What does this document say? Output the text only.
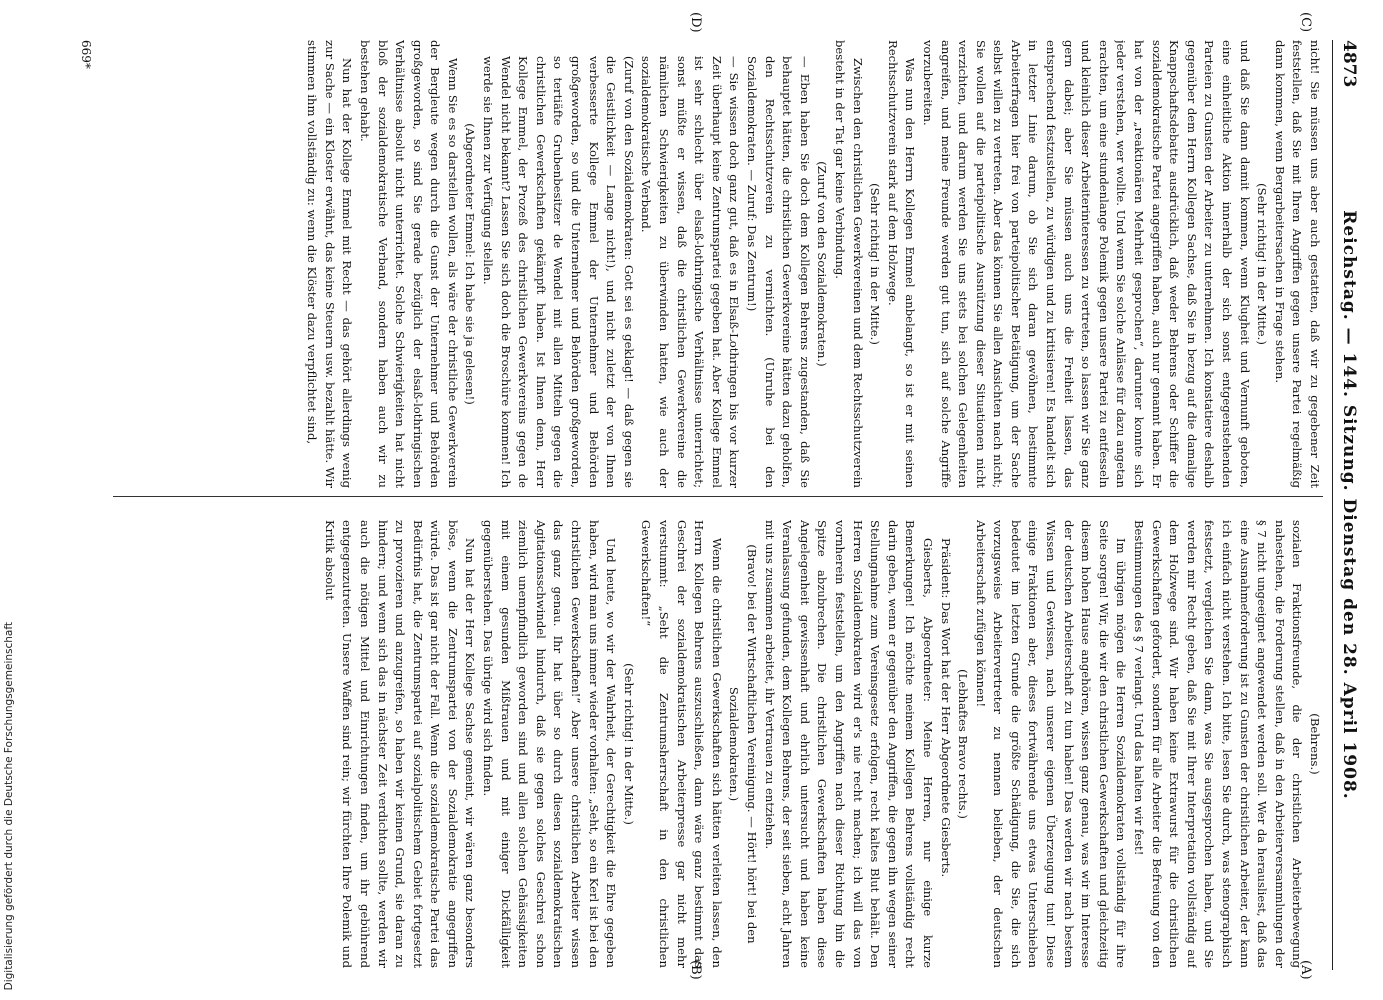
Reichstag. — 144. Sitzung. Dienstag den 28. April 1908.
4873
(C)
(D)
(A)
(B)

nicht! Sie müssen uns aber auch gestatten, daß wir zu gegebener Zeit feststellen, daß Sie mit Ihren Angriffen gegen unsere Partei regelmäßig dann kommen, wenn Bergarbeitersachen in Frage stehen.

(Sehr richtig! in der Mitte.)

und daß Sie dann damit kommen, wenn Klugheit und Vernunft geboten, eine einheitliche Aktion innerhalb der sich sonst entgegenstehenden Parteien zu Gunsten der Arbeiter zu unternehmen. Ich konstatiere deshalb gegenüber dem Herrn Kollegen Sachse, daß Sie in bezug auf die damalige Knappschaftsdebatte ausdrücklich, daß weder Behrens oder Schiffer die sozialdemokratische Partei angegriffen haben, auch nur genannt haben. Er hat von der „reaktionären Mehrheit gesprochen“, darunter konnte sich jeder verstehen, wer wollte. Und wenn Sie solche Anlässe für dazu angetan erachten, um eine stundenlange Polemik gegen unsere Partei zu entfesseln und kleinlich dieser Arbeiterinteressen zu vertreten, so lassen wir Sie ganz gern dabei; aber Sie müssen auch uns die Freiheit lassen, das entsprechend festzustellen, zu würdigen und zu kritisieren! Es handelt sich in letzter Linie darum, ob Sie sich daran gewöhnen, bestimmte Arbeiterfragen hier frei von parteipolitischer Betätigung, um der Sache selbst willen zu vertreten. Aber das können Sie allen Ansichten nach nicht; Sie wollen auf die parteipolitische Ausnützung dieser Situationen nicht verzichten, und darum werden Sie uns stets bei solchen Gelegenheiten angreifen, und meine Freunde werden gut tun, sich auf solche Angriffe vorzubereiten.

Was nun den Herrn Kollegen Emmel anbelangt, so ist er mit seinen Rechtsschutzverein stark auf dem Holzwege.

(Sehr richtig! in der Mitte.)

Zwischen den christlichen Gewerkvereinen und dem Rechtsschutzverein besteht in der Tat gar keine Verbindung.

(Zuruf von den Sozialdemokraten.)

— Eben haben Sie doch dem Kollegen Behrens zugestanden, daß Sie behauptet hätten, die christlichen Gewerkvereine hätten dazu geholfen, den Rechtsschutzverein zu vernichten. (Unruhe bei den Sozialdemokraten. — Zuruf: Das Zentrum!)

— Sie wissen doch ganz gut, daß es in Elsaß-Lothringen bis vor kurzer Zeit überhaupt keine Zentrumspartei gegeben hat. Aber Kollege Emmel ist sehr schlecht über elsaß-lothringische Verhältnisse unterrichtet; sonst müßte er wissen, daß die christlichen Gewerkvereine die nämlichen Schwierigkeiten zu überwinden hatten, wie auch der sozialdemokratische Verband.

(Zuruf von den Sozialdemokraten: Gott sei es geklagt! — daß gegen sie die Geistlichkeit — Lange nicht!), und nicht zuletzt der von Ihnen verbesserte Kollege Emmel der Unternehmer und Behörden großgeworden, so und die Unternehmer und Behörden großgeworden, so tertiäfte Grubenbesitzer de Wendel mit allen Mitteln gegen die christlichen Gewerkschaften gekämpft haben. Ist Ihnen denn, Herr Kollege Emmel, der Prozeß des christlichen Gewerkvereins gegen de Wendel nicht bekannt? Lassen Sie sich doch die Broschüre kommen! Ich werde sie Ihnen zur Verfügung stellen.

(Abgeordneter Emmel: Ich habe sie ja gelesen!)

Wenn Sie es so darstellen wollen, als wäre der christliche Gewerkverein der Bergleute wegen durch die Gunst der Unternehmer und Behörden großgeworden, so sind Sie gerade bezüglich der elsaß-lothringischen Verhältnisse absolut nicht unterrichtet. Solche Schwierigkeiten hat nicht bloß der sozialdemokratische Verband, sondern haben auch wir zu bestehen gehabt.

Nun hat der Kollege Emmel mit Recht — das gehört allerdings wenig zur Sache — ein Kloster erwähnt, das keine Steuern usw. bezahlt hätte. Wir stimmen ihm vollständig zu: wenn die Klöster dazu verpflichtet sind,

(Behrens.)

sozialen Fraktionsfreunde, die der christlichen Arbeiterbewegung nahestehen, die Forderung stellen, daß in den Arbeiterversammlungen der § 7 nicht ungeeignet angewendet werden soll. Wer da herausliest, daß das eine Ausnahmeforderung ist zu Gunsten der christlichen Arbeiter, der kann ich einfach nicht verstehen. Ich bitte, lesen Sie durch, was stenographisch festsetzt, vergleichen Sie dann, was Sie ausgesprochen haben, und Sie werden mir Recht geben, daß Sie mit Ihrer Interpretation vollständig auf dem Holzwege sind. Wir haben keine Extrawurst für die christlichen Gewerkschaften gefordert, sondern für alle Arbeiter die Befreiung von den Bestimmungen des § 7 verlangt. Und das halten wir fest!

Im übrigen mögen die Herren Sozialdemokraten vollständig für ihre Seite sorgen! Wir, die wir den christlichen Gewerkschaften und gleichzeitig diesem hohen Hause angehören, wissen ganz genau, was wir im Interesse der deutschen Arbeiterschaft zu tun haben! Das werden wir nach bestem Wissen und Gewissen, nach unserer eigenen Überzeugung tun! Diese einige Fraktionen aber, dieses fortwährende uns etwas Unterschieben bedeutet im letzten Grunde die größte Schädigung, die Sie, die sich vorzugsweise Arbeitervertreter zu nennen belieben, der deutschen Arbeiterschaft zufügen können!

(Lebhaftes Bravo rechts.)

Präsident: Das Wort hat der Herr Abgeordnete Giesberts.

Giesberts, Abgeordneter: Meine Herren, nur einige kurze Bemerkungen! Ich möchte meinem Kollegen Behrens vollständig recht darin geben, wenn er gegenüber den Angriffen, die gegen ihn wegen seiner Stellungnahme zum Vereinsgesetz erfolgen, recht kaltes Blut behält. Den Herren Sozialdemokraten wird er's nie recht machen; ich will das von vornherein feststellen, um den Angriffen nach dieser Richtung hin die Spitze abzubrechen. Die christlichen Gewerkschaften haben diese Angelegenheit gewissenhaft und ehrlich untersucht und haben keine Veranlassung gefunden, dem Kollegen Behrens, der seit sieben, acht Jahren mit uns zusammen arbeitet, ihr Vertrauen zu entziehen.

(Bravo! bei der Wirtschaftlichen Vereinigung. — Hört! hört! bei den Sozialdemokraten.)

Wenn die christlichen Gewerkschaften sich hätten verleiten lassen, den Herrn Kollegen Behrens auszuschließen, dann wäre ganz bestimmt das Geschrei der sozialdemokratischen Arbeiterpresse gar nicht mehr verstummt: „Seht die Zentrumsherrschaft in den christlichen Gewerkschaften!“

(Sehr richtig! in der Mitte.)

Und heute, wo wir der Wahrheit, der Gerechtigkeit die Ehre gegeben haben, wird man uns immer wieder vorhalten: „Seht, so ein Kerl ist bei den christlichen Gewerkschaften!“ Aber unsere christlichen Arbeiter wissen das ganz genau. Ihr hat über so durch diesen sozialdemokratischen Agitationsschwindel hindurch, daß sie gegen solches Geschrei schon ziemlich unempfindlich geworden sind und allen solchen Gehässigkeiten mit einem gesunden Mißtrauen und mit einiger Dickfälligkeit gegenüberstehen. Das übrige wird sich finden.

Nun hat der Herr Kollege Sachse gemeint, wir wären ganz besonders böse, wenn die Zentrumspartei von der Sozialdemokratie angegriffen würde. Das ist gar nicht der Fall. Wenn die sozialdemokratische Partei das Bedürfnis hat, die Zentrumspartei auf sozialpolitischem Gebiet fortgesetzt zu provozieren und anzugreifen, so haben wir keinen Grund, sie daran zu hindern; und wenn sich das in nächster Zeit verdichten sollte, werden wir auch die nötigen Mittel und Einrichtungen finden, um ihr gebührend entgegenzutreten. Unsere Waffen sind rein; wir fürchten Ihre Polemik und Kritik absolut

669*
Digitalisierung gefördert durch die Deutsche Forschungsgemeinschaft
